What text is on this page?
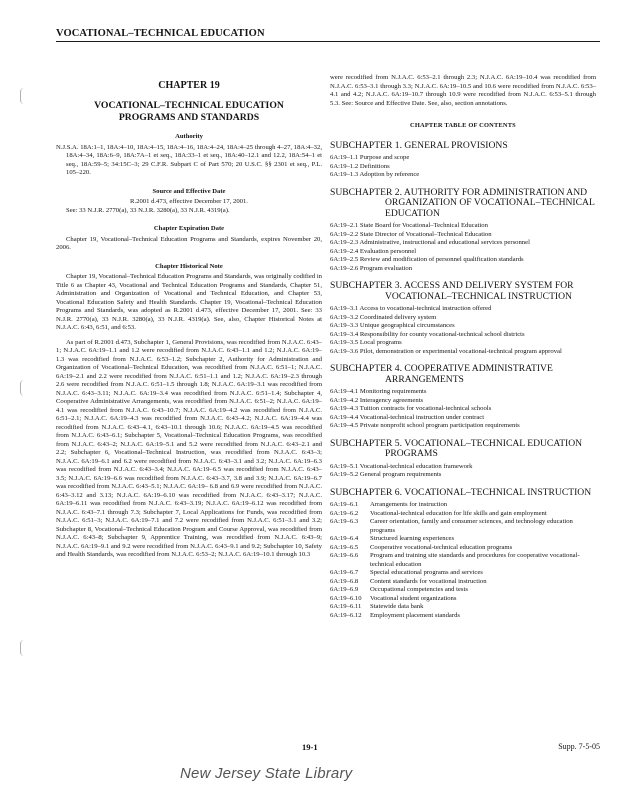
VOCATIONAL–TECHNICAL EDUCATION
CHAPTER 19
VOCATIONAL–TECHNICAL EDUCATION
PROGRAMS AND STANDARDS
Authority

N.J.S.A. 18A:1–1, 18A:4–10, 18A:4–15, 18A:4–16, 18A:4–24, 18A:4–25 through 4–27, 18A:4–32, 18A:4–34, 18A:6–9, 18A:7A–1 et seq., 18A:33–1 et seq., 18A:40–12.1 and 12.2, 18A:54–1 et seq., 18A:59–5; 34:15C–3; 29 C.F.R. Subpart C of Part 570; 20 U.S.C. §§ 2301 et seq., P.L. 105–220.

Source and Effective Date

R.2001 d.473, effective December 17, 2001.

See: 33 N.J.R. 2770(a), 33 N.J.R. 3280(a), 33 N.J.R. 4319(a).

Chapter Expiration Date

Chapter 19, Vocational–Technical Education Programs and Standards, expires November 20, 2006.

Chapter Historical Note

Chapter 19, Vocational–Technical Education Programs and Standards, was originally codified in Title 6 as Chapter 43, Vocational and Technical Education Programs and Standards, Chapter 51, Administration and Organization of Vocational and Technical Education, and Chapter 53, Vocational Education Safety and Health Standards. Chapter 19, Vocational–Technical Education Programs and Standards, was adopted as R.2001 d.473, effective December 17, 2001. See: 33 N.J.R. 2770(a), 33 N.J.R. 3280(a), 33 N.J.R. 4319(a). See, also, Chapter Historical Notes at N.J.A.C. 6:43, 6:51, and 6:53.

As part of R.2001 d.473, Subchapter 1, General Provisions, was recodified from N.J.A.C. 6:43–1; N.J.A.C. 6A:19–1.1 and 1.2 were recodified from N.J.A.C. 6:43–1.1 and 1.2; N.J.A.C. 6A:19–1.3 was recodified from N.J.A.C. 6:53–1.2; Subchapter 2, Authority for Administration and Organization of Vocational–Technical Education, was recodified from N.J.A.C. 6:51–1; N.J.A.C. 6A:19–2.1 and 2.2 were recodified from N.J.A.C. 6:51–1.1 and 1.2; N.J.A.C. 6A:19–2.3 through 2.6 were recodified from N.J.A.C. 6:51–1.5 through 1.8; N.J.A.C. 6A:19–3.1 was recodified from N.J.A.C. 6:43–3.11; N.J.A.C. 6A:19–3.4 was recodified from N.J.A.C. 6:51–1.4; Subchapter 4, Cooperative Administrative Arrangements, was recodified from N.J.A.C. 6:51–2; N.J.A.C. 6A:19–4.1 was recodified from N.J.A.C. 6:43–10.7; N.J.A.C. 6A:19–4.2 was recodified from N.J.A.C. 6:51–2.1; N.J.A.C. 6A:19–4.3 was recodified from N.J.A.C. 6:43–4.2; N.J.A.C. 6A:19–4.4 was recodified from N.J.A.C. 6:43–4.1, 6:43–10.1 through 10.6; N.J.A.C. 6A:19–4.5 was recodified from N.J.A.C. 6:43–6.1; Subchapter 5, Vocational–Technical Education Programs, was recodified from N.J.A.C. 6:43–2; N.J.A.C. 6A:19–5.1 and 5.2 were recodified from N.J.A.C. 6:43–2.1 and 2.2; Subchapter 6, Vocational–Technical Instruction, was recodified from N.J.A.C. 6:43–3; N.J.A.C. 6A:19–6.1 and 6.2 were recodified from N.J.A.C. 6:43–3.1 and 3.2; N.J.A.C. 6A:19–6.3 was recodified from N.J.A.C. 6:43–3.4; N.J.A.C. 6A:19–6.5 was recodified from N.J.A.C. 6:43–3.5; N.J.A.C. 6A:19–6.6 was recodified from N.J.A.C. 6:43–3.7, 3.8 and 3.9; N.J.A.C. 6A:19–6.7 was recodified from N.J.A.C. 6:43–5.1; N.J.A.C. 6A:19– 6.8 and 6.9 were recodified from N.J.A.C. 6:43–3.12 and 3.13; N.J.A.C. 6A:19–6.10 was recodified from N.J.A.C. 6:43–3.17; N.J.A.C. 6A:19–6.11 was recodified from N.J.A.C. 6:43–3.19; N.J.A.C. 6A:19–6.12 was recodified from N.J.A.C. 6:43–7.1 through 7.3; Subchapter 7, Local Applications for Funds, was recodified from N.J.A.C. 6:51–3; N.J.A.C. 6A:19–7.1 and 7.2 were recodified from N.J.A.C. 6:51–3.1 and 3.2; Subchapter 8, Vocational–Technical Education Program and Course Approval, was recodified from N.J.A.C. 6:43–8; Subchapter 9, Apprentice Training, was recodified from N.J.A.C. 6:43–9; N.J.A.C. 6A:19–9.1 and 9.2 were recodified from N.J.A.C. 6:43–9.1 and 9.2; Subchapter 10, Safety and Health Standards, was recodified from N.J.A.C. 6:53–2; N.J.A.C. 6A:19–10.1 through 10.3

were recodified from N.J.A.C. 6:53–2.1 through 2.3; N.J.A.C. 6A:19–10.4 was recodified from N.J.A.C. 6:53–3.1 through 3.3; N.J.A.C. 6A:19–10.5 and 10.6 were recodified from N.J.A.C. 6:53–4.1 and 4.2; N.J.A.C. 6A:19–10.7 through 10.9 were recodified from N.J.A.C. 6:53–5.1 through 5.3. See: Source and Effective Date. See, also, section annotations.

CHAPTER TABLE OF CONTENTS
SUBCHAPTER 1. GENERAL PROVISIONS
6A:19–1.1 Purpose and scope
6A:19–1.2 Definitions
6A:19–1.3 Adoption by reference
SUBCHAPTER 2. AUTHORITY FOR ADMINISTRATION AND ORGANIZATION OF VOCATIONAL–TECHNICAL EDUCATION
6A:19–2.1 State Board for Vocational–Technical Education
6A:19–2.2 State Director of Vocational–Technical Education
6A:19–2.3 Administrative, instructional and educational services personnel
6A:19–2.4 Evaluation personnel
6A:19–2.5 Review and modification of personnel qualification standards
6A:19–2.6 Program evaluation
SUBCHAPTER 3. ACCESS AND DELIVERY SYSTEM FOR VOCATIONAL–TECHNICAL INSTRUCTION
6A:19–3.1 Access to vocational-technical instruction offered
6A:19–3.2 Coordinated delivery system
6A:19–3.3 Unique geographical circumstances
6A:19–3.4 Responsibility for county vocational-technical school districts
6A:19–3.5 Local programs
6A:19–3.6 Pilot, demonstration or experimental vocational-technical program approval
SUBCHAPTER 4. COOPERATIVE ADMINISTRATIVE ARRANGEMENTS
6A:19–4.1 Monitoring requirements
6A:19–4.2 Interagency agreements
6A:19–4.3 Tuition contracts for vocational-technical schools
6A:19–4.4 Vocational-technical instruction under contract
6A:19–4.5 Private nonprofit school program participation requirements
SUBCHAPTER 5. VOCATIONAL–TECHNICAL EDUCATION PROGRAMS
6A:19–5.1 Vocational-technical education framework
6A:19–5.2 General program requirements
SUBCHAPTER 6. VOCATIONAL–TECHNICAL INSTRUCTION
6A:19–6.1	Arrangements for instruction
6A:19–6.2	Vocational-technical education for life skills and gain employment
6A:19–6.3	Career orientation, family and consumer sciences, and technology education programs
6A:19–6.4	Structured learning experiences
6A:19–6.5	Cooperative vocational-technical education programs
6A:19–6.6	Program and training site standards and procedures for cooperative vocational-technical education
6A:19–6.7	Special educational programs and services
6A:19–6.8	Content standards for vocational instruction
6A:19–6.9	Occupational competencies and tests
6A:19–6.10	Vocational student organizations
6A:19–6.11	Statewide data bank
6A:19–6.12	Employment placement standards
19-1	Supp. 7-5-05
New Jersey State Library
